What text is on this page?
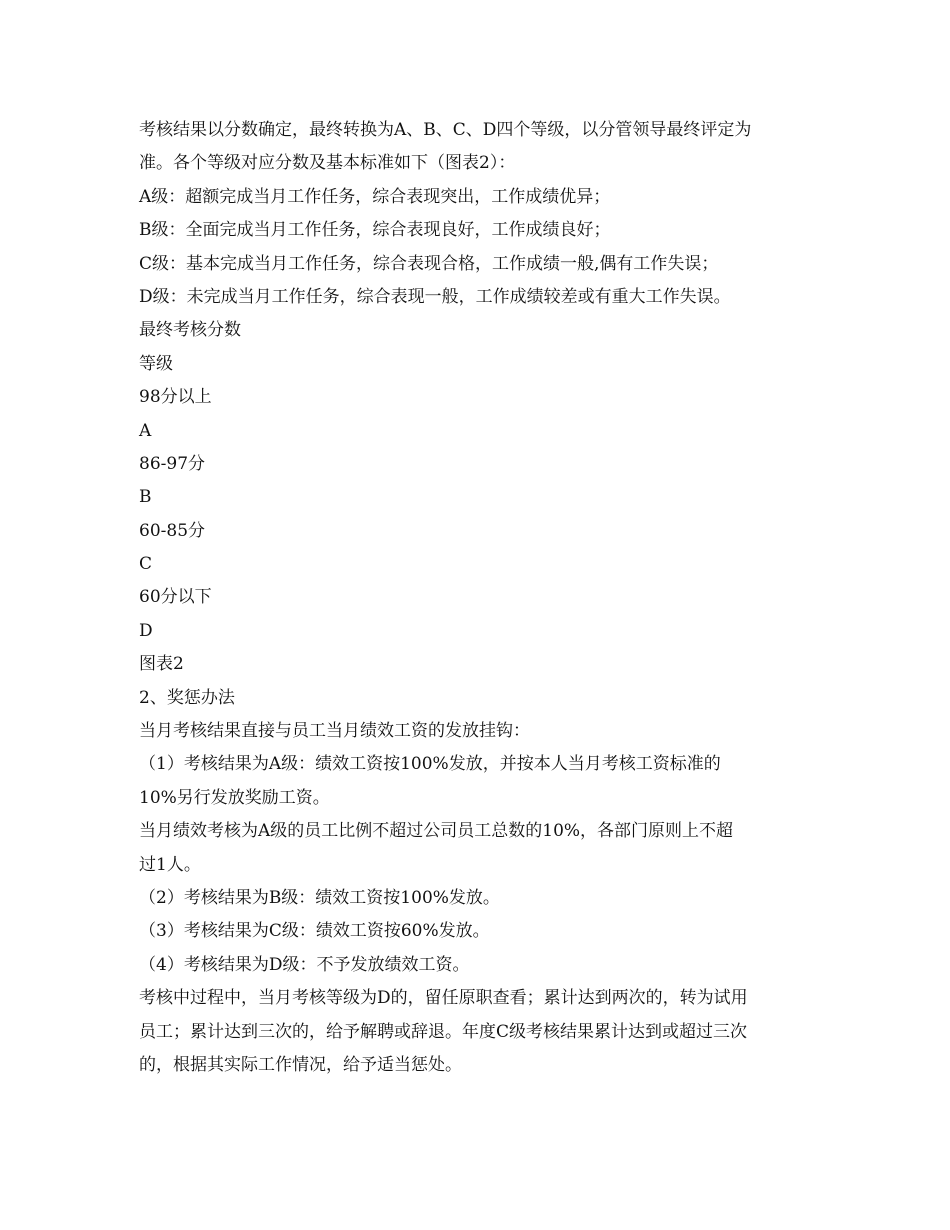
考核结果以分数确定，最终转换为A、B、C、D四个等级，以分管领导最终评定为

准。各个等级对应分数及基本标准如下（图表2）：

A级：超额完成当月工作任务，综合表现突出，工作成绩优异；

B级：全面完成当月工作任务，综合表现良好，工作成绩良好；

C级：基本完成当月工作任务，综合表现合格，工作成绩一般,偶有工作失误；

D级：未完成当月工作任务，综合表现一般，工作成绩较差或有重大工作失误。

最终考核分数

等级

98分以上

A

86-97分

B

60-85分

C

60分以下

D

图表2

2、奖惩办法

当月考核结果直接与员工当月绩效工资的发放挂钩：

（1）考核结果为A级：绩效工资按100%发放，并按本人当月考核工资标准的

10%另行发放奖励工资。

当月绩效考核为A级的员工比例不超过公司员工总数的10%，各部门原则上不超

过1人。

（2）考核结果为B级：绩效工资按100%发放。

（3）考核结果为C级：绩效工资按60%发放。

（4）考核结果为D级：不予发放绩效工资。

考核中过程中，当月考核等级为D的，留任原职查看；累计达到两次的，转为试用

员工；累计达到三次的，给予解聘或辞退。年度C级考核结果累计达到或超过三次

的，根据其实际工作情况，给予适当惩处。
